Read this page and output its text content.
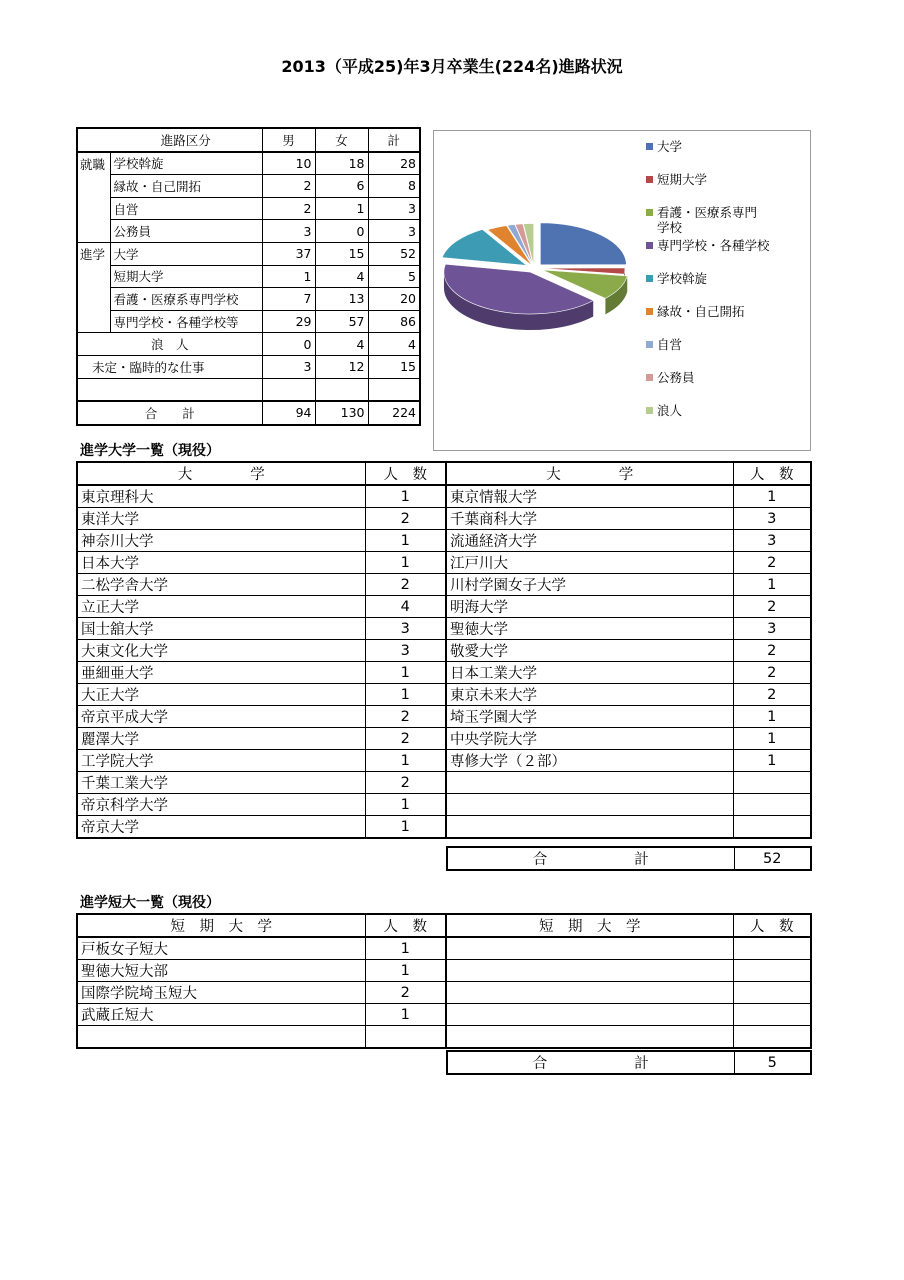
2013（平成25)年3月卒業生(224名)進路状況
	進路区分	男	女	計
就職	学校斡旋	10	18	28
	縁故・自己開拓	2	6	8
	自営	2	1	3
	公務員	3	0	3
進学	大学	37	15	52
	短期大学	1	4	5
	看護・医療系専門学校	7	13	20
	専門学校・各種学校等	29	57	86
浪　人		0	4	4
未定・臨時的な仕事		3	12	15

合　　計		94	130	224
大学
短期大学
看護・医療系専門学校
専門学校・各種学校
学校斡旋
縁故・自己開拓
自営
公務員
浪人
進学大学一覧（現役）
大　　　　学	人　数	大　　　　学	人　数
東京理科大	1	東京情報大学	1
東洋大学	2	千葉商科大学	3
神奈川大学	1	流通経済大学	3
日本大学	1	江戸川大	2
二松学舎大学	2	川村学園女子大学	1
立正大学	4	明海大学	2
国士舘大学	3	聖徳大学	3
大東文化大学	3	敬愛大学	2
亜細亜大学	1	日本工業大学	2
大正大学	1	東京未来大学	2
帝京平成大学	2	埼玉学園大学	1
麗澤大学	2	中央学院大学	1
工学院大学	1	専修大学（２部）	1
千葉工業大学	2		
帝京科学大学	1		
帝京大学	1		
合　　　　　　計	52
進学短大一覧（現役）
短　期　大　学	人　数	短　期　大　学	人　数
戸板女子短大	1		
聖徳大短大部	1		
国際学院埼玉短大	2		
武蔵丘短大	1		

合　　　　　　計	5
